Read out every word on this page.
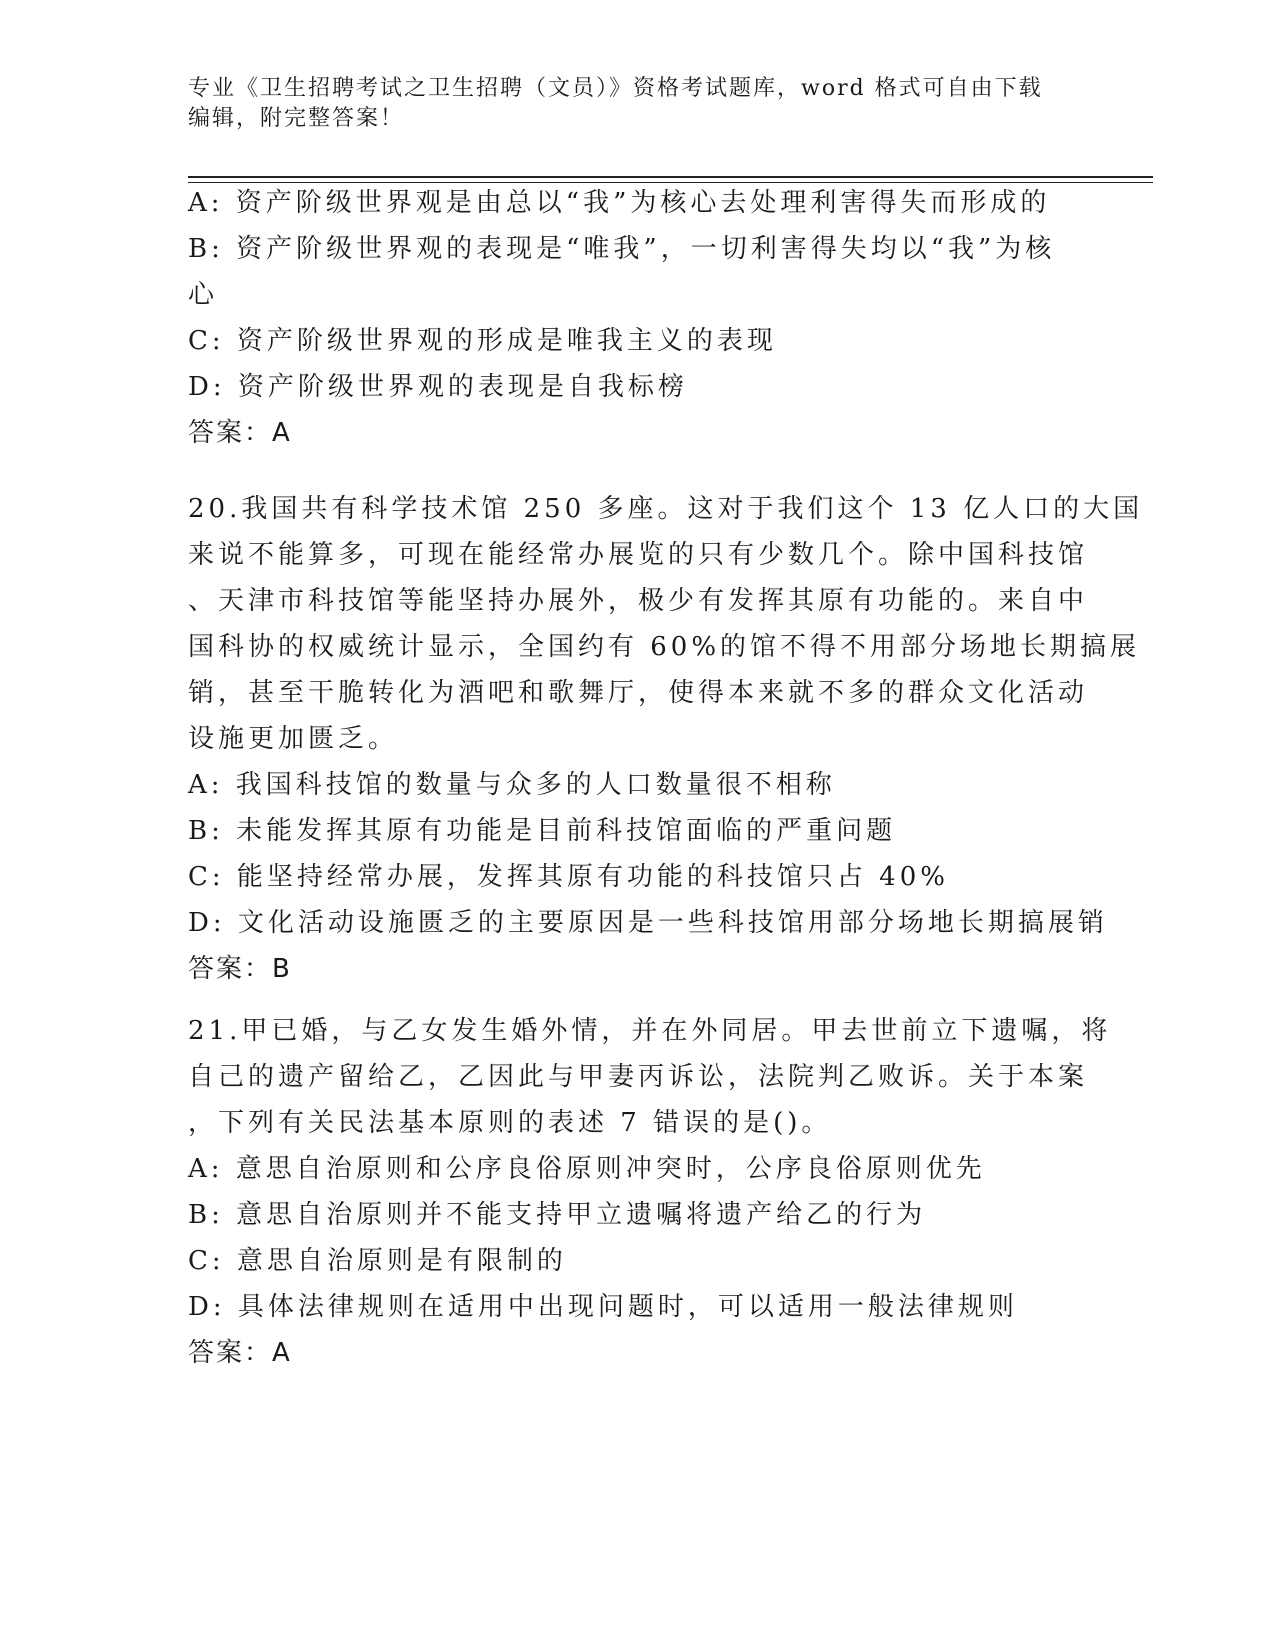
专业《卫生招聘考试之卫生招聘（文员）》资格考试题库，word 格式可自由下载
编辑，附完整答案！
A: 资产阶级世界观是由总以“我”为核心去处理利害得失而形成的
B: 资产阶级世界观的表现是“唯我”，一切利害得失均以“我”为核
心
C: 资产阶级世界观的形成是唯我主义的表现
D: 资产阶级世界观的表现是自我标榜
答案：A
20.我国共有科学技术馆 250 多座。这对于我们这个 13 亿人口的大国
来说不能算多，可现在能经常办展览的只有少数几个。除中国科技馆
、天津市科技馆等能坚持办展外，极少有发挥其原有功能的。来自中
国科协的权威统计显示，全国约有 60%的馆不得不用部分场地长期搞展
销，甚至干脆转化为酒吧和歌舞厅，使得本来就不多的群众文化活动
设施更加匮乏。
A: 我国科技馆的数量与众多的人口数量很不相称
B: 未能发挥其原有功能是目前科技馆面临的严重问题
C: 能坚持经常办展，发挥其原有功能的科技馆只占 40%
D: 文化活动设施匮乏的主要原因是一些科技馆用部分场地长期搞展销
答案：B
21.甲已婚，与乙女发生婚外情，并在外同居。甲去世前立下遗嘱，将
自己的遗产留给乙，乙因此与甲妻丙诉讼，法院判乙败诉。关于本案
，下列有关民法基本原则的表述 7 错误的是()。
A: 意思自治原则和公序良俗原则冲突时，公序良俗原则优先
B: 意思自治原则并不能支持甲立遗嘱将遗产给乙的行为
C: 意思自治原则是有限制的
D: 具体法律规则在适用中出现问题时，可以适用一般法律规则
答案：A
